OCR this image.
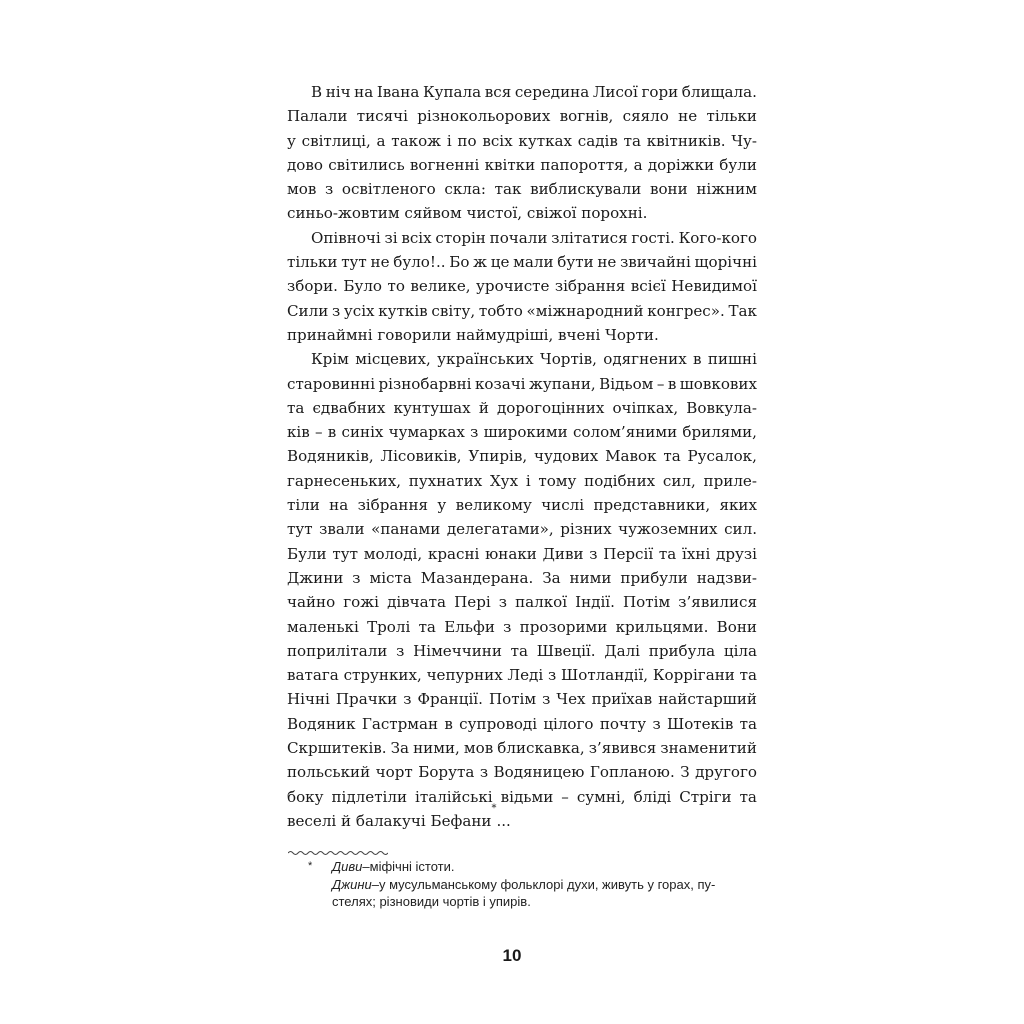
В ніч на Івана Купала вся середина Лисої гори блищала.
Палали тисячі різнокольорових вогнів, сяяло не тільки
у світлиці, а також і по всіх кутках садів та квітників. Чу-
дово світились вогненні квітки папороття, а доріжки були
мов з освітленого скла: так виблискували вони ніжним
синьо-жовтим сяйвом чистої, свіжої порохні.
Опівночі зі всіх сторін почали злітатися гості. Кого-кого
тільки тут не було!.. Бо ж це мали бути не звичайні щорічні
збори. Було то велике, урочисте зібрання всієї Невидимої
Сили з усіх кутків світу, тобто «міжнародний конгрес». Так
принаймні говорили наймудріші, вчені Чорти.
Крім місцевих, українських Чортів, одягнених в пишні
старовинні різнобарвні козачі жупани, Відьом – в шовкових
та єдвабних кунтушах й дорогоцінних очіпках, Вовкула-
ків – в синіх чумарках з широкими солом’яними брилями,
Водяників, Лісовиків, Упирів, чудових Мавок та Русалок,
гарнесеньких, пухнатих Хух і тому подібних сил, прилe-
тіли на зібрання у великому числі представники, яких
тут звали «панами делегатами», різних чужоземних сил.
Були тут молоді, красні юнаки Диви з Персії та їхні друзі
Джини з міста Мазандерана. За ними прибули надзви-
чайно гожі дівчата Пері з палкої Індії. Потім з’явилися
маленькі Тролі та Ельфи з прозорими крильцями. Вони
поприлітали з Німеччини та Швеції. Далі прибула ціла
ватага струнких, чепурних Леді з Шотландії, Коррігани та
Нічні Прачки з Франції. Потім з Чех приїхав найстарший
Водяник Гастрман в супроводі цілого почту з Шотеків та
Скршитеків. За ними, мов блискавка, з’явився знаменитий
польський чорт Борута з Водяницею Гопланою. З другого
боку підлетіли італійські відьми – сумні, бліді Стріги та
веселі й балакучі Бефани
*
...
* Диви – міфічні істоти.
Джини – у мусульманському фольклорі духи, живуть у горах, пу-
стелях; різновиди чортів і упирів.
10
